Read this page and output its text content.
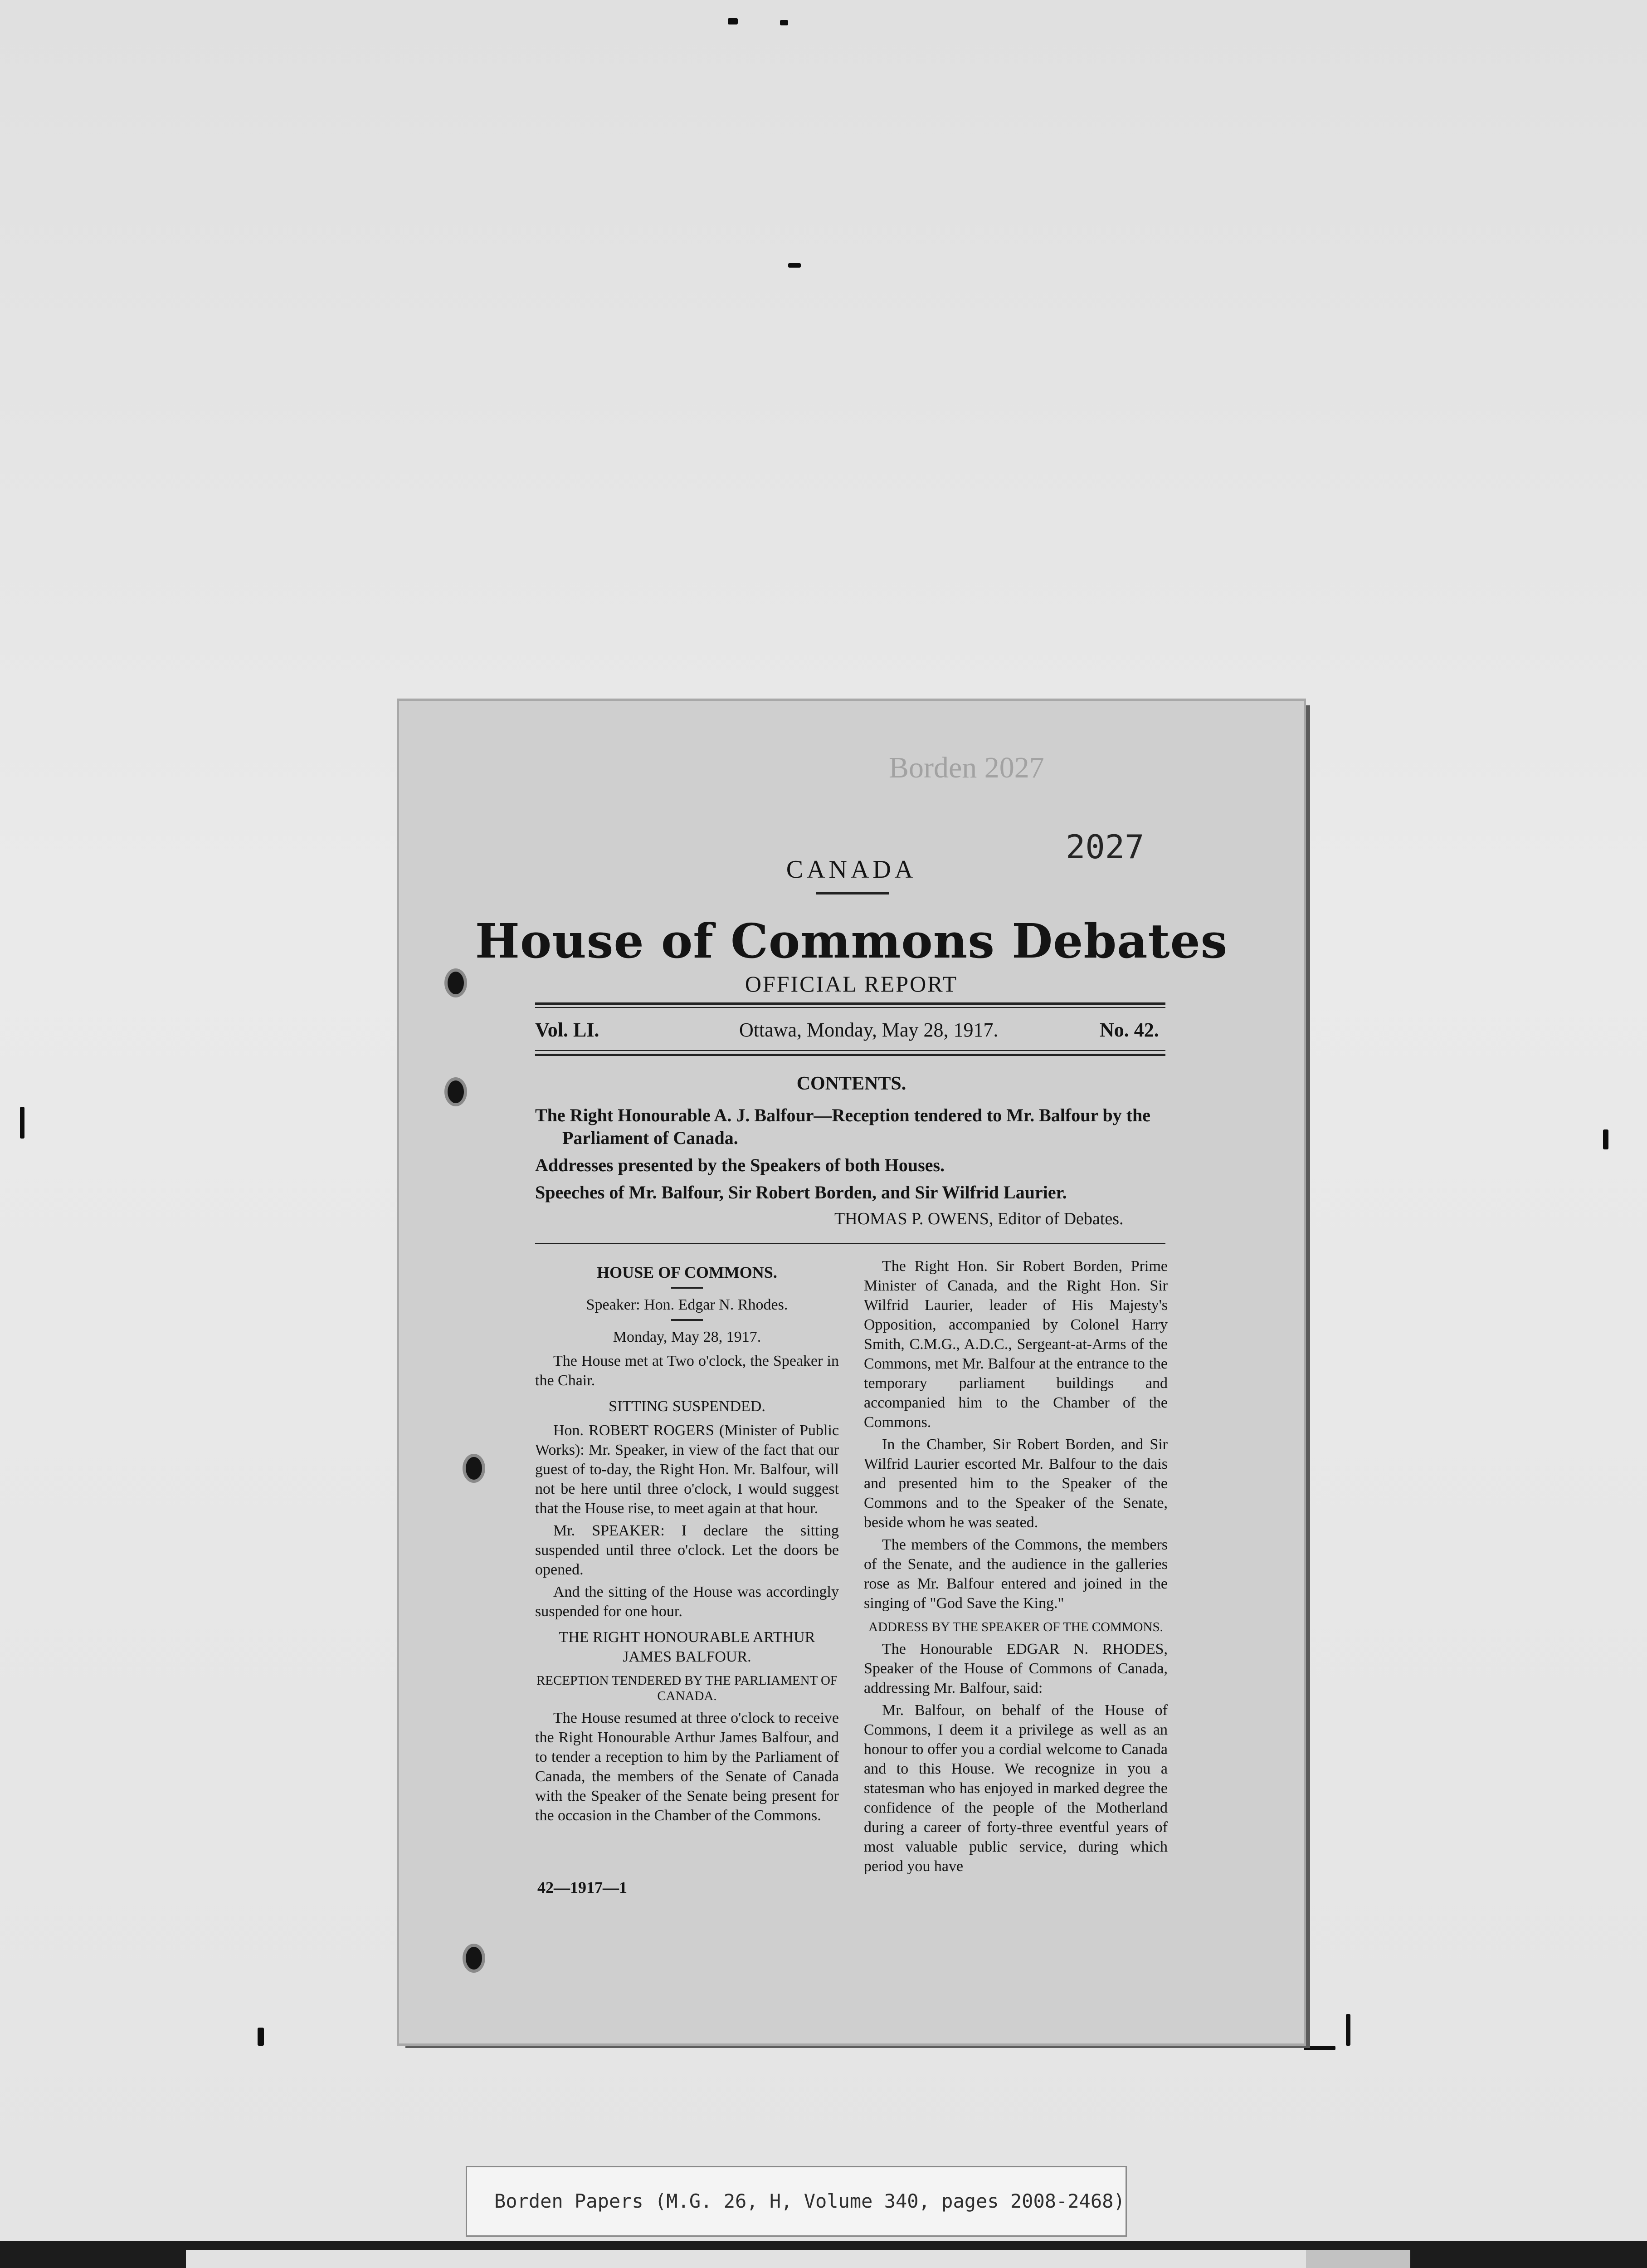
Borden 2027
2027
CANADA
House of Commons Debates
OFFICIAL REPORT
Vol. LI.	Ottawa, Monday, May 28, 1917.	No. 42.
CONTENTS.
The Right Honourable A. J. Balfour—Reception tendered to Mr. Balfour by the
Parliament of Canada.
Addresses presented by the Speakers of both Houses.
Speeches of Mr. Balfour, Sir Robert Borden, and Sir Wilfrid Laurier.
THOMAS P. OWENS, Editor of Debates.

HOUSE OF COMMONS.

Speaker: Hon. Edgar N. Rhodes.

Monday, May 28, 1917.

The House met at Two o'clock, the Speaker in the Chair.

SITTING SUSPENDED.

Hon. ROBERT ROGERS (Minister of Public Works): Mr. Speaker, in view of the fact that our guest of to-day, the Right Hon. Mr. Balfour, will not be here until three o'clock, I would suggest that the House rise, to meet again at that hour.

Mr. SPEAKER: I declare the sitting suspended until three o'clock. Let the doors be opened.

And the sitting of the House was accordingly suspended for one hour.

THE RIGHT HONOURABLE ARTHUR JAMES BALFOUR.

RECEPTION TENDERED BY THE PARLIAMENT OF CANADA.

The House resumed at three o'clock to receive the Right Honourable Arthur James Balfour, and to tender a reception to him by the Parliament of Canada, the members of the Senate of Canada with the Speaker of the Senate being present for the occasion in the Chamber of the Commons.

42—1917—1

The Right Hon. Sir Robert Borden, Prime Minister of Canada, and the Right Hon. Sir Wilfrid Laurier, leader of His Majesty's Opposition, accompanied by Colonel Harry Smith, C.M.G., A.D.C., Sergeant-at-Arms of the Commons, met Mr. Balfour at the entrance to the temporary parliament buildings and accompanied him to the Chamber of the Commons.

In the Chamber, Sir Robert Borden, and Sir Wilfrid Laurier escorted Mr. Balfour to the dais and presented him to the Speaker of the Commons and to the Speaker of the Senate, beside whom he was seated.

The members of the Commons, the members of the Senate, and the audience in the galleries rose as Mr. Balfour entered and joined in the singing of "God Save the King."

ADDRESS BY THE SPEAKER OF THE COMMONS.

The Honourable EDGAR N. RHODES, Speaker of the House of Commons of Canada, addressing Mr. Balfour, said:

Mr. Balfour, on behalf of the House of Commons, I deem it a privilege as well as an honour to offer you a cordial welcome to Canada and to this House. We recognize in you a statesman who has enjoyed in marked degree the confidence of the people of the Motherland during a career of forty-three eventful years of most valuable public service, during which period you have

Borden Papers (M.G. 26, H, Volume 340, pages 2008-2468)
